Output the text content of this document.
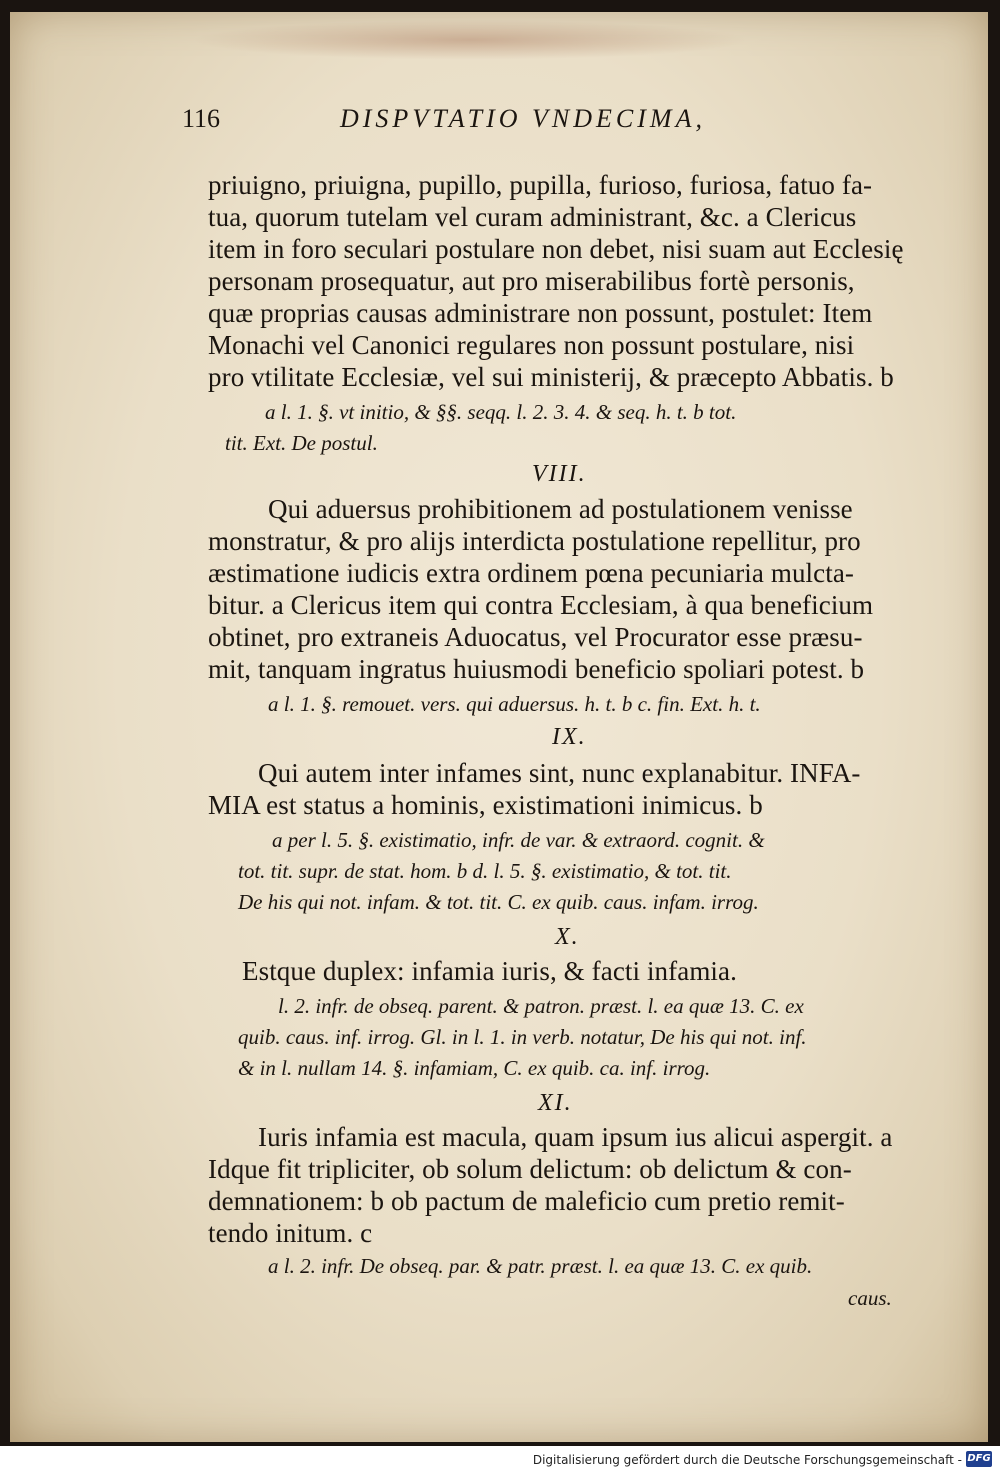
116	DISPVTATIO VNDECIMA,
priuigno, priuigna, pupillo, pupilla, furioso, furiosa, fatuo fa-
tua, quorum tutelam vel curam administrant, &c. a Clericus
item in foro seculari postulare non debet, nisi suam aut Ecclesię
personam prosequatur, aut pro miserabilibus fortè personis,
quæ proprias causas administrare non possunt, postulet: Item
Monachi vel Canonici regulares non possunt postulare, nisi
pro vtilitate Ecclesiæ, vel sui ministerij, & præcepto Abbatis. b
a l. 1. §. vt initio, & §§. seqq. l. 2. 3. 4. & seq. h. t. b tot.
tit. Ext. De postul.
VIII.
Qui aduersus prohibitionem ad postulationem venisse
monstratur, & pro alijs interdicta postulatione repellitur, pro
æstimatione iudicis extra ordinem pœna pecuniaria mulcta-
bitur. a Clericus item qui contra Ecclesiam, à qua beneficium
obtinet, pro extraneis Aduocatus, vel Procurator esse præsu-
mit, tanquam ingratus huiusmodi beneficio spoliari potest. b
a l. 1. §. remouet. vers. qui aduersus. h. t. b c. fin. Ext. h. t.
IX.
Qui autem inter infames sint, nunc explanabitur. INFA-
MIA est status a hominis, existimationi inimicus. b
a per l. 5. §. existimatio, infr. de var. & extraord. cognit. &
tot. tit. supr. de stat. hom. b d. l. 5. §. existimatio, & tot. tit.
De his qui not. infam. & tot. tit. C. ex quib. caus. infam. irrog.
X.
Estque duplex: infamia iuris, & facti infamia.
l. 2. infr. de obseq. parent. & patron. præst. l. ea quæ 13. C. ex
quib. caus. inf. irrog. Gl. in l. 1. in verb. notatur, De his qui not. inf.
& in l. nullam 14. §. infamiam, C. ex quib. ca. inf. irrog.
XI.
Iuris infamia est macula, quam ipsum ius alicui aspergit. a
Idque fit tripliciter, ob solum delictum: ob delictum & con-
demnationem: b ob pactum de maleficio cum pretio remit-
tendo initum. c
a l. 2. infr. De obseq. par. & patr. præst. l. ea quæ 13. C. ex quib.
caus.
Digitalisierung gefördert durch die Deutsche Forschungsgemeinschaft - DFG
